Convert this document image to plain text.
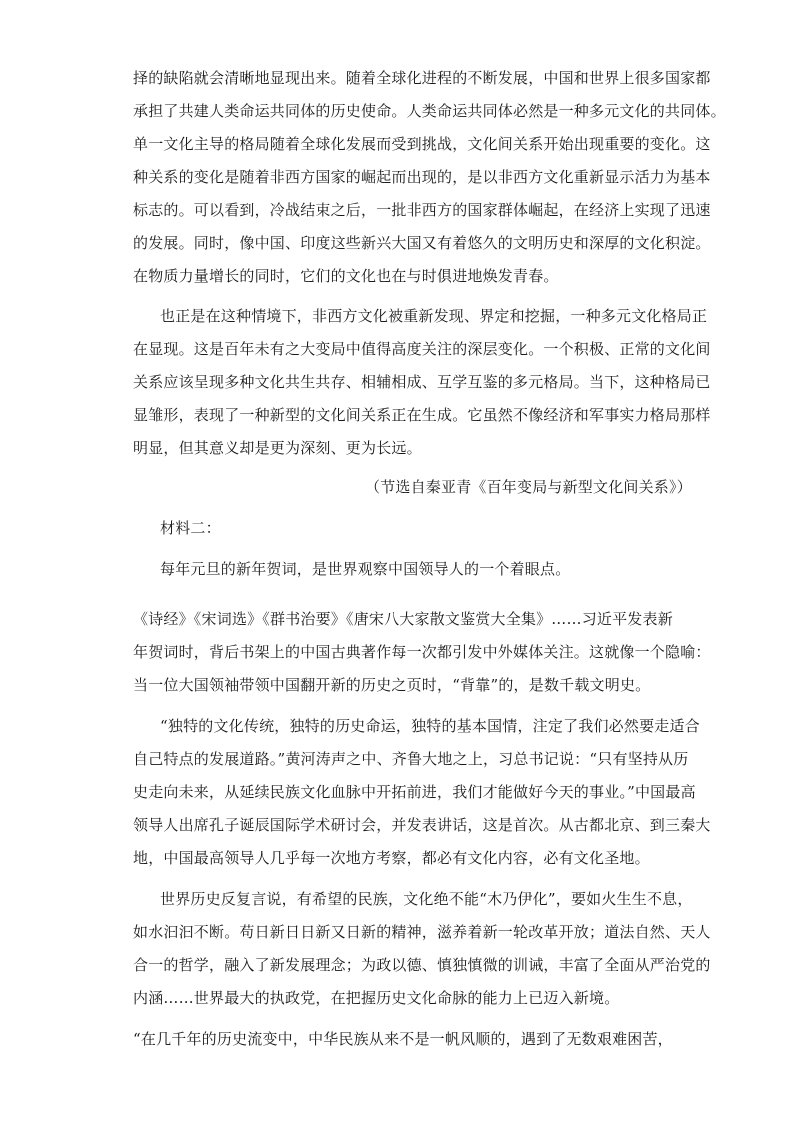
择的缺陷就会清晰地显现出来。随着全球化进程的不断发展，中国和世界上很多国家都
承担了共建人类命运共同体的历史使命。人类命运共同体必然是一种多元文化的共同体。
单一文化主导的格局随着全球化发展而受到挑战，文化间关系开始出现重要的变化。这
种关系的变化是随着非西方国家的崛起而出现的，是以非西方文化重新显示活力为基本
标志的。可以看到，冷战结束之后，一批非西方的国家群体崛起，在经济上实现了迅速
的发展。同时，像中国、印度这些新兴大国又有着悠久的文明历史和深厚的文化积淀。
在物质力量增长的同时，它们的文化也在与时俱进地焕发青春。
也正是在这种情境下，非西方文化被重新发现、界定和挖掘，一种多元文化格局正
在显现。这是百年未有之大变局中值得高度关注的深层变化。一个积极、正常的文化间
关系应该呈现多种文化共生共存、相辅相成、互学互鉴的多元格局。当下，这种格局已
显雏形，表现了一种新型的文化间关系正在生成。它虽然不像经济和军事实力格局那样
明显，但其意义却是更为深刻、更为长远。
（节选自秦亚青《百年变局与新型文化间关系》）
材料二：
每年元旦的新年贺词，是世界观察中国领导人的一个着眼点。
《诗经》《宋词选》《群书治要》《唐宋八大家散文鉴赏大全集》……习近平发表新
年贺词时，背后书架上的中国古典著作每一次都引发中外媒体关注。这就像一个隐喻：
当一位大国领袖带领中国翻开新的历史之页时，“背靠”的，是数千载文明史。
“独特的文化传统，独特的历史命运，独特的基本国情，注定了我们必然要走适合
自己特点的发展道路。”黄河涛声之中、齐鲁大地之上，习总书记说：“只有坚持从历
史走向未来，从延续民族文化血脉中开拓前进，我们才能做好今天的事业。”中国最高
领导人出席孔子诞辰国际学术研讨会，并发表讲话，这是首次。从古都北京、到三秦大
地，中国最高领导人几乎每一次地方考察，都必有文化内容，必有文化圣地。
世界历史反复言说，有希望的民族，文化绝不能“木乃伊化”，要如火生生不息，
如水汩汩不断。苟日新日日新又日新的精神，滋养着新一轮改革开放；道法自然、天人
合一的哲学，融入了新发展理念；为政以德、慎独慎微的训诫，丰富了全面从严治党的
内涵……世界最大的执政党，在把握历史文化命脉的能力上已迈入新境。
“在几千年的历史流变中，中华民族从来不是一帆风顺的，遇到了无数艰难困苦，
